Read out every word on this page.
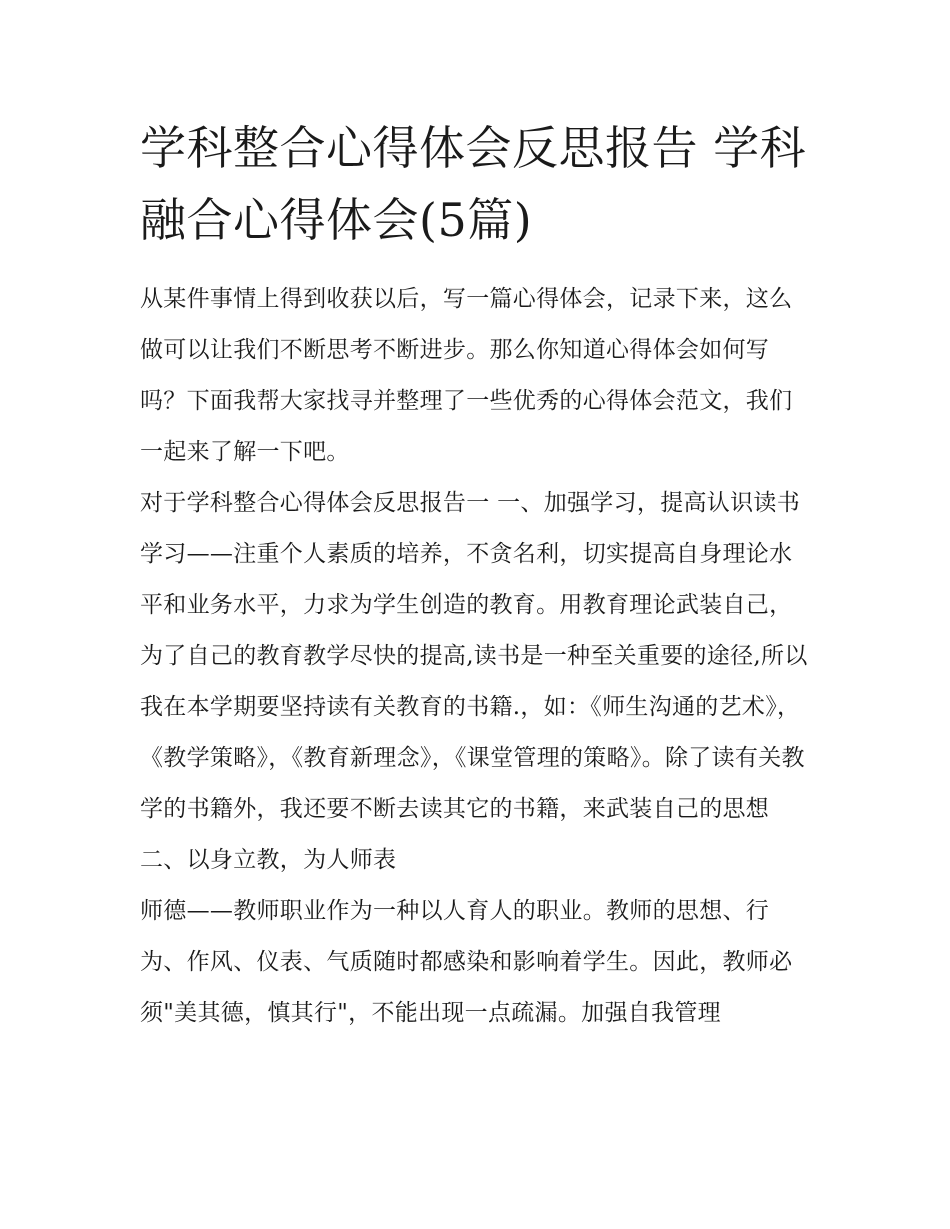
学科整合心得体会反思报告 学科融合心得体会(5篇)

从某件事情上得到收获以后，写一篇心得体会，记录下来，这么做可以让我们不断思考不断进步。那么你知道心得体会如何写吗？下面我帮大家找寻并整理了一些优秀的心得体会范文，我们一起来了解一下吧。

对于学科整合心得体会反思报告一 一、加强学习，提高认识读书学习——注重个人素质的培养，不贪名利，切实提高自身理论水平和业务水平，力求为学生创造的教育。用教育理论武装自己，为了自己的教育教学尽快的提高,读书是一种至关重要的途径,所以我在本学期要坚持读有关教育的书籍.，如：《师生沟通的艺术》，《教学策略》，《教育新理念》，《课堂管理的策略》。除了读有关教学的书籍外，我还要不断去读其它的书籍，来武装自己的思想

二、以身立教，为人师表

师德——教师职业作为一种以人育人的职业。教师的思想、行为、作风、仪表、气质随时都感染和影响着学生。因此，教师必须"美其德，慎其行"，不能出现一点疏漏。加强自我管理
